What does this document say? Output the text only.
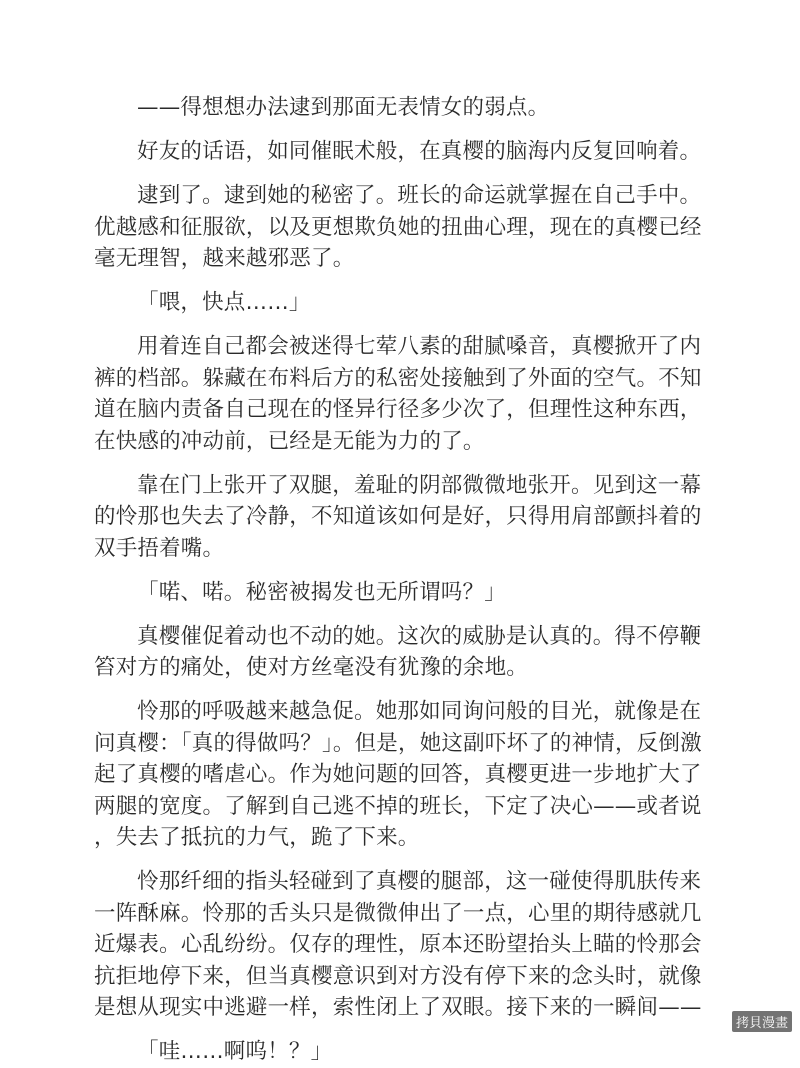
——得想想办法逮到那面无表情女的弱点。

好友的话语，如同催眠术般，在真樱的脑海内反复回响着。

逮到了。逮到她的秘密了。班长的命运就掌握在自己手中。优越感和征服欲，以及更想欺负她的扭曲心理，现在的真樱已经毫无理智，越来越邪恶了。

「喂，快点……」

用着连自己都会被迷得七荤八素的甜腻嗓音，真樱掀开了内裤的档部。躲藏在布料后方的私密处接触到了外面的空气。不知道在脑内责备自己现在的怪异行径多少次了，但理性这种东西，在快感的冲动前，已经是无能为力的了。

靠在门上张开了双腿，羞耻的阴部微微地张开。见到这一幕的怜那也失去了冷静，不知道该如何是好，只得用肩部颤抖着的双手捂着嘴。

「喏、喏。秘密被揭发也无所谓吗？」

真樱催促着动也不动的她。这次的威胁是认真的。得不停鞭笞对方的痛处，使对方丝毫没有犹豫的余地。

怜那的呼吸越来越急促。她那如同询问般的目光，就像是在问真樱：「真的得做吗？」。但是，她这副吓坏了的神情，反倒激起了真樱的嗜虐心。作为她问题的回答，真樱更进一步地扩大了两腿的宽度。了解到自己逃不掉的班长，下定了决心——或者说，失去了抵抗的力气，跪了下来。

怜那纤细的指头轻碰到了真樱的腿部，这一碰使得肌肤传来一阵酥麻。怜那的舌头只是微微伸出了一点，心里的期待感就几近爆表。心乱纷纷。仅存的理性，原本还盼望抬头上瞄的怜那会抗拒地停下来，但当真樱意识到对方没有停下来的念头时，就像是想从现实中逃避一样，索性闭上了双眼。接下来的一瞬间——

「哇……啊呜！？」

拷貝漫畫
